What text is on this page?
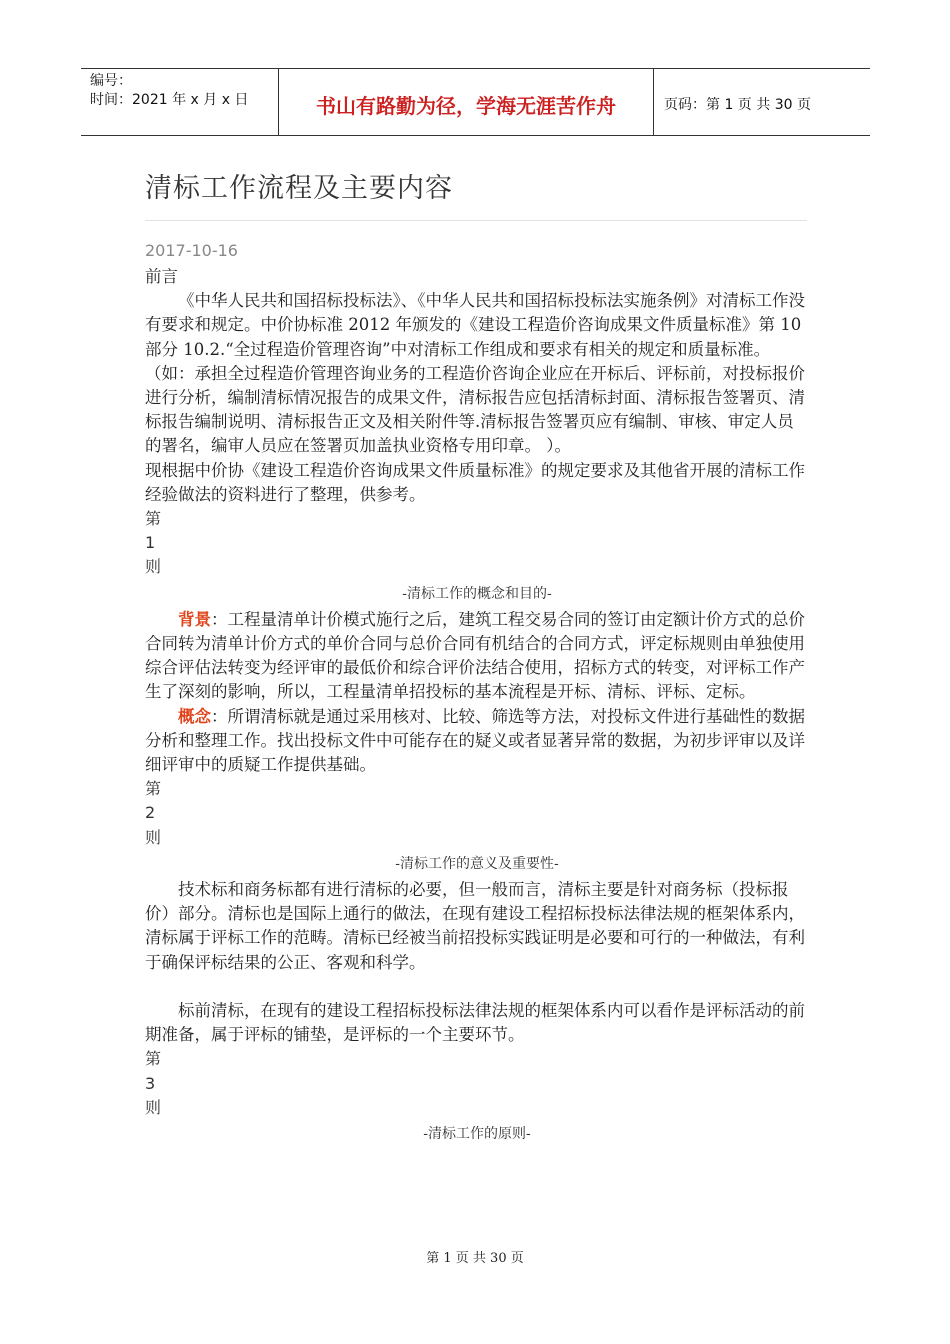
编号：
时间：2021 年 x 月 x 日	书山有路勤为径，学海无涯苦作舟	页码：第 1 页 共 30 页
清标工作流程及主要内容
2017-10-16

前言

《中华人民共和国招标投标法》、《中华人民共和国招标投标法实施条例》对清标工作没有要求和规定。中价协标准 2012 年颁发的《建设工程造价咨询成果文件质量标准》第 10 部分 10.2.“全过程造价管理咨询”中对清标工作组成和要求有相关的规定和质量标准。（如：承担全过程造价管理咨询业务的工程造价咨询企业应在开标后、评标前，对投标报价进行分析，编制清标情况报告的成果文件，清标报告应包括清标封面、清标报告签署页、清标报告编制说明、清标报告正文及相关附件等.清标报告签署页应有编制、审核、审定人员的署名，编审人员应在签署页加盖执业资格专用印章。 ）。

现根据中价协《建设工程造价咨询成果文件质量标准》的规定要求及其他省开展的清标工作经验做法的资料进行了整理，供参考。

第

1

则

-清标工作的概念和目的-

背景：工程量清单计价模式施行之后，建筑工程交易合同的签订由定额计价方式的总价合同转为清单计价方式的单价合同与总价合同有机结合的合同方式，评定标规则由单独使用综合评估法转变为经评审的最低价和综合评价法结合使用，招标方式的转变，对评标工作产生了深刻的影响，所以，工程量清单招投标的基本流程是开标、清标、评标、定标。

概念：所谓清标就是通过采用核对、比较、筛选等方法，对投标文件进行基础性的数据分析和整理工作。找出投标文件中可能存在的疑义或者显著异常的数据，为初步评审以及详细评审中的质疑工作提供基础。

第

2

则

-清标工作的意义及重要性-

技术标和商务标都有进行清标的必要，但一般而言，清标主要是针对商务标（投标报价）部分。清标也是国际上通行的做法，在现有建设工程招标投标法律法规的框架体系内，清标属于评标工作的范畴。清标已经被当前招投标实践证明是必要和可行的一种做法，有利于确保评标结果的公正、客观和科学。

标前清标，在现有的建设工程招标投标法律法规的框架体系内可以看作是评标活动的前期准备，属于评标的铺垫，是评标的一个主要环节。

第

3

则

-清标工作的原则-

第 1 页 共 30 页
